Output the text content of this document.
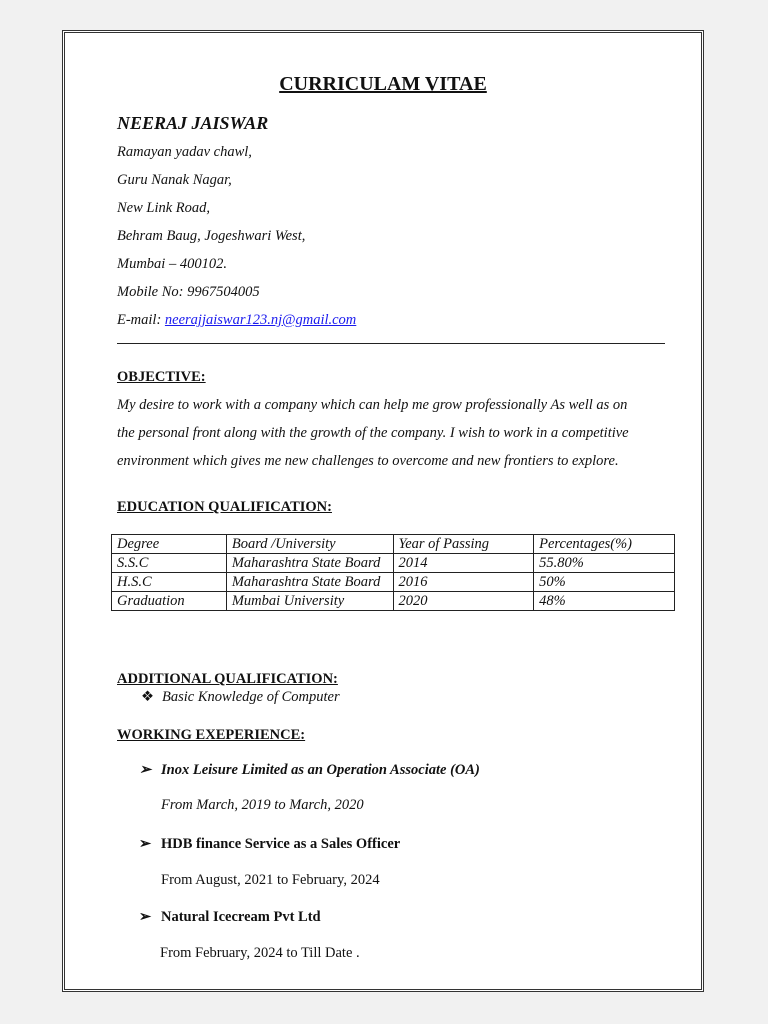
CURRICULAM VITAE
NEERAJ JAISWAR
Ramayan yadav chawl,
Guru Nanak Nagar,
New Link Road,
Behram Baug, Jogeshwari West,
Mumbai – 400102.
Mobile No: 9967504005
E-mail: neerajjaiswar123.nj@gmail.com
OBJECTIVE:
My desire to work with a company which can help me grow professionally As well as on
the personal front along with the growth of the company. I wish to work in a competitive
environment which gives me new challenges to overcome and new frontiers to explore.
EDUCATION QUALIFICATION:
Degree	Board /University	Year of Passing	Percentages(%)
S.S.C	Maharashtra State Board	2014	55.80%
H.S.C	Maharashtra State Board	2016	50%
Graduation	Mumbai University	2020	48%
ADDITIONAL QUALIFICATION:
❖ Basic Knowledge of Computer
WORKING EXEPERIENCE:
➢ Inox Leisure Limited as an Operation Associate (OA)
From March, 2019 to March, 2020
➢ HDB finance Service as a Sales Officer
From August, 2021 to February, 2024
➢ Natural Icecream Pvt Ltd
From February, 2024 to Till Date .
